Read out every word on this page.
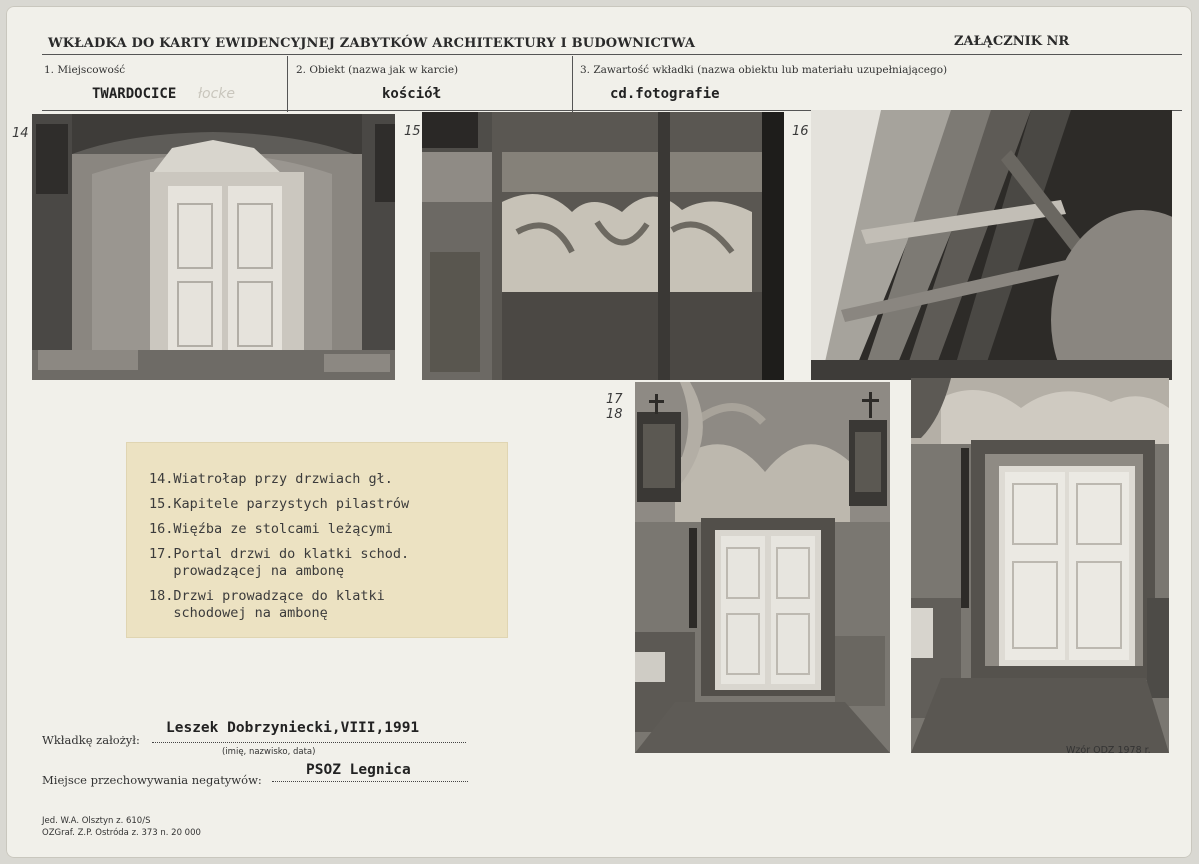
WKŁADKA DO KARTY EWIDENCYJNEJ ZABYTKÓW ARCHITEKTURY I BUDOWNICTWA	ZAŁĄCZNIK NR
1. Miejscowość
TWARDOCICE łocke
2. Obiekt (nazwa jak w karcie)
kościół
3. Zawartość wkładki (nazwa obiektu lub materiału uzupełniającego)
cd.fotografie
14	15	16
17
18
14.Wiatrołap przy drzwiach gł.
15.Kapitele parzystych pilastrów
16.Więźba ze stolcami leżącymi
17.Portal drzwi do klatki schod.
prowadzącej na ambonę
18.Drzwi prowadzące do klatki
schodowej na ambonę
Wkładkę założył:
Leszek Dobrzyniecki,VIII,1991
(imię, nazwisko, data)
Miejsce przechowywania negatywów:
PSOZ Legnica
Wzór ODZ 1978 r.
Jed. W.A. Olsztyn z. 610/S
OZGraf. Z.P. Ostróda z. 373 n. 20 000
